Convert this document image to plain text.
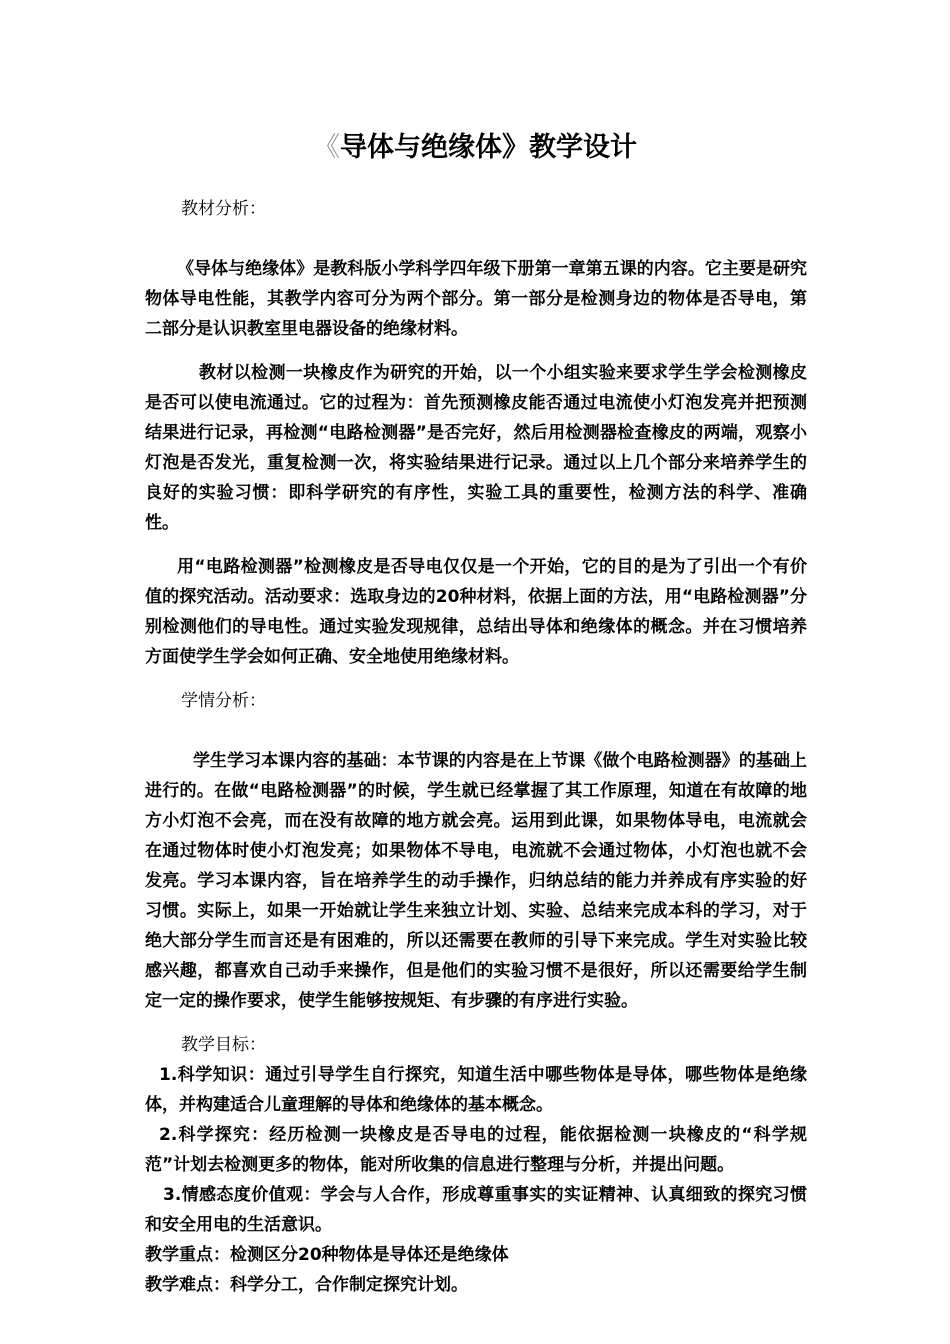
《导体与绝缘体》教学设计

教材分析：

《导体与绝缘体》是教科版小学科学四年级下册第一章第五课的内容。它主要是研究物体导电性能，其教学内容可分为两个部分。第一部分是检测身边的物体是否导电，第二部分是认识教室里电器设备的绝缘材料。

教材以检测一块橡皮作为研究的开始，以一个小组实验来要求学生学会检测橡皮是否可以使电流通过。它的过程为：首先预测橡皮能否通过电流使小灯泡发亮并把预测结果进行记录，再检测“电路检测器”是否完好，然后用检测器检查橡皮的两端，观察小灯泡是否发光，重复检测一次，将实验结果进行记录。通过以上几个部分来培养学生的良好的实验习惯：即科学研究的有序性，实验工具的重要性，检测方法的科学、准确性。

用“电路检测器”检测橡皮是否导电仅仅是一个开始，它的目的是为了引出一个有价值的探究活动。活动要求：选取身边的20种材料，依据上面的方法，用“电路检测器”分别检测他们的导电性。通过实验发现规律，总结出导体和绝缘体的概念。并在习惯培养方面使学生学会如何正确、安全地使用绝缘材料。

学情分析：

学生学习本课内容的基础：本节课的内容是在上节课《做个电路检测器》的基础上进行的。在做“电路检测器”的时候，学生就已经掌握了其工作原理，知道在有故障的地方小灯泡不会亮，而在没有故障的地方就会亮。运用到此课，如果物体导电，电流就会在通过物体时使小灯泡发亮；如果物体不导电，电流就不会通过物体，小灯泡也就不会发亮。学习本课内容，旨在培养学生的动手操作，归纳总结的能力并养成有序实验的好习惯。实际上，如果一开始就让学生来独立计划、实验、总结来完成本科的学习，对于绝大部分学生而言还是有困难的，所以还需要在教师的引导下来完成。学生对实验比较感兴趣，都喜欢自己动手来操作，但是他们的实验习惯不是很好，所以还需要给学生制定一定的操作要求，使学生能够按规矩、有步骤的有序进行实验。

教学目标：

1.科学知识：通过引导学生自行探究，知道生活中哪些物体是导体，哪些物体是绝缘体，并构建适合儿童理解的导体和绝缘体的基本概念。

2.科学探究：经历检测一块橡皮是否导电的过程，能依据检测一块橡皮的“科学规范”计划去检测更多的物体，能对所收集的信息进行整理与分析，并提出问题。

3.情感态度价值观：学会与人合作，形成尊重事实的实证精神、认真细致的探究习惯和安全用电的生活意识。

教学重点：检测区分20种物体是导体还是绝缘体

教学难点：科学分工，合作制定探究计划。
